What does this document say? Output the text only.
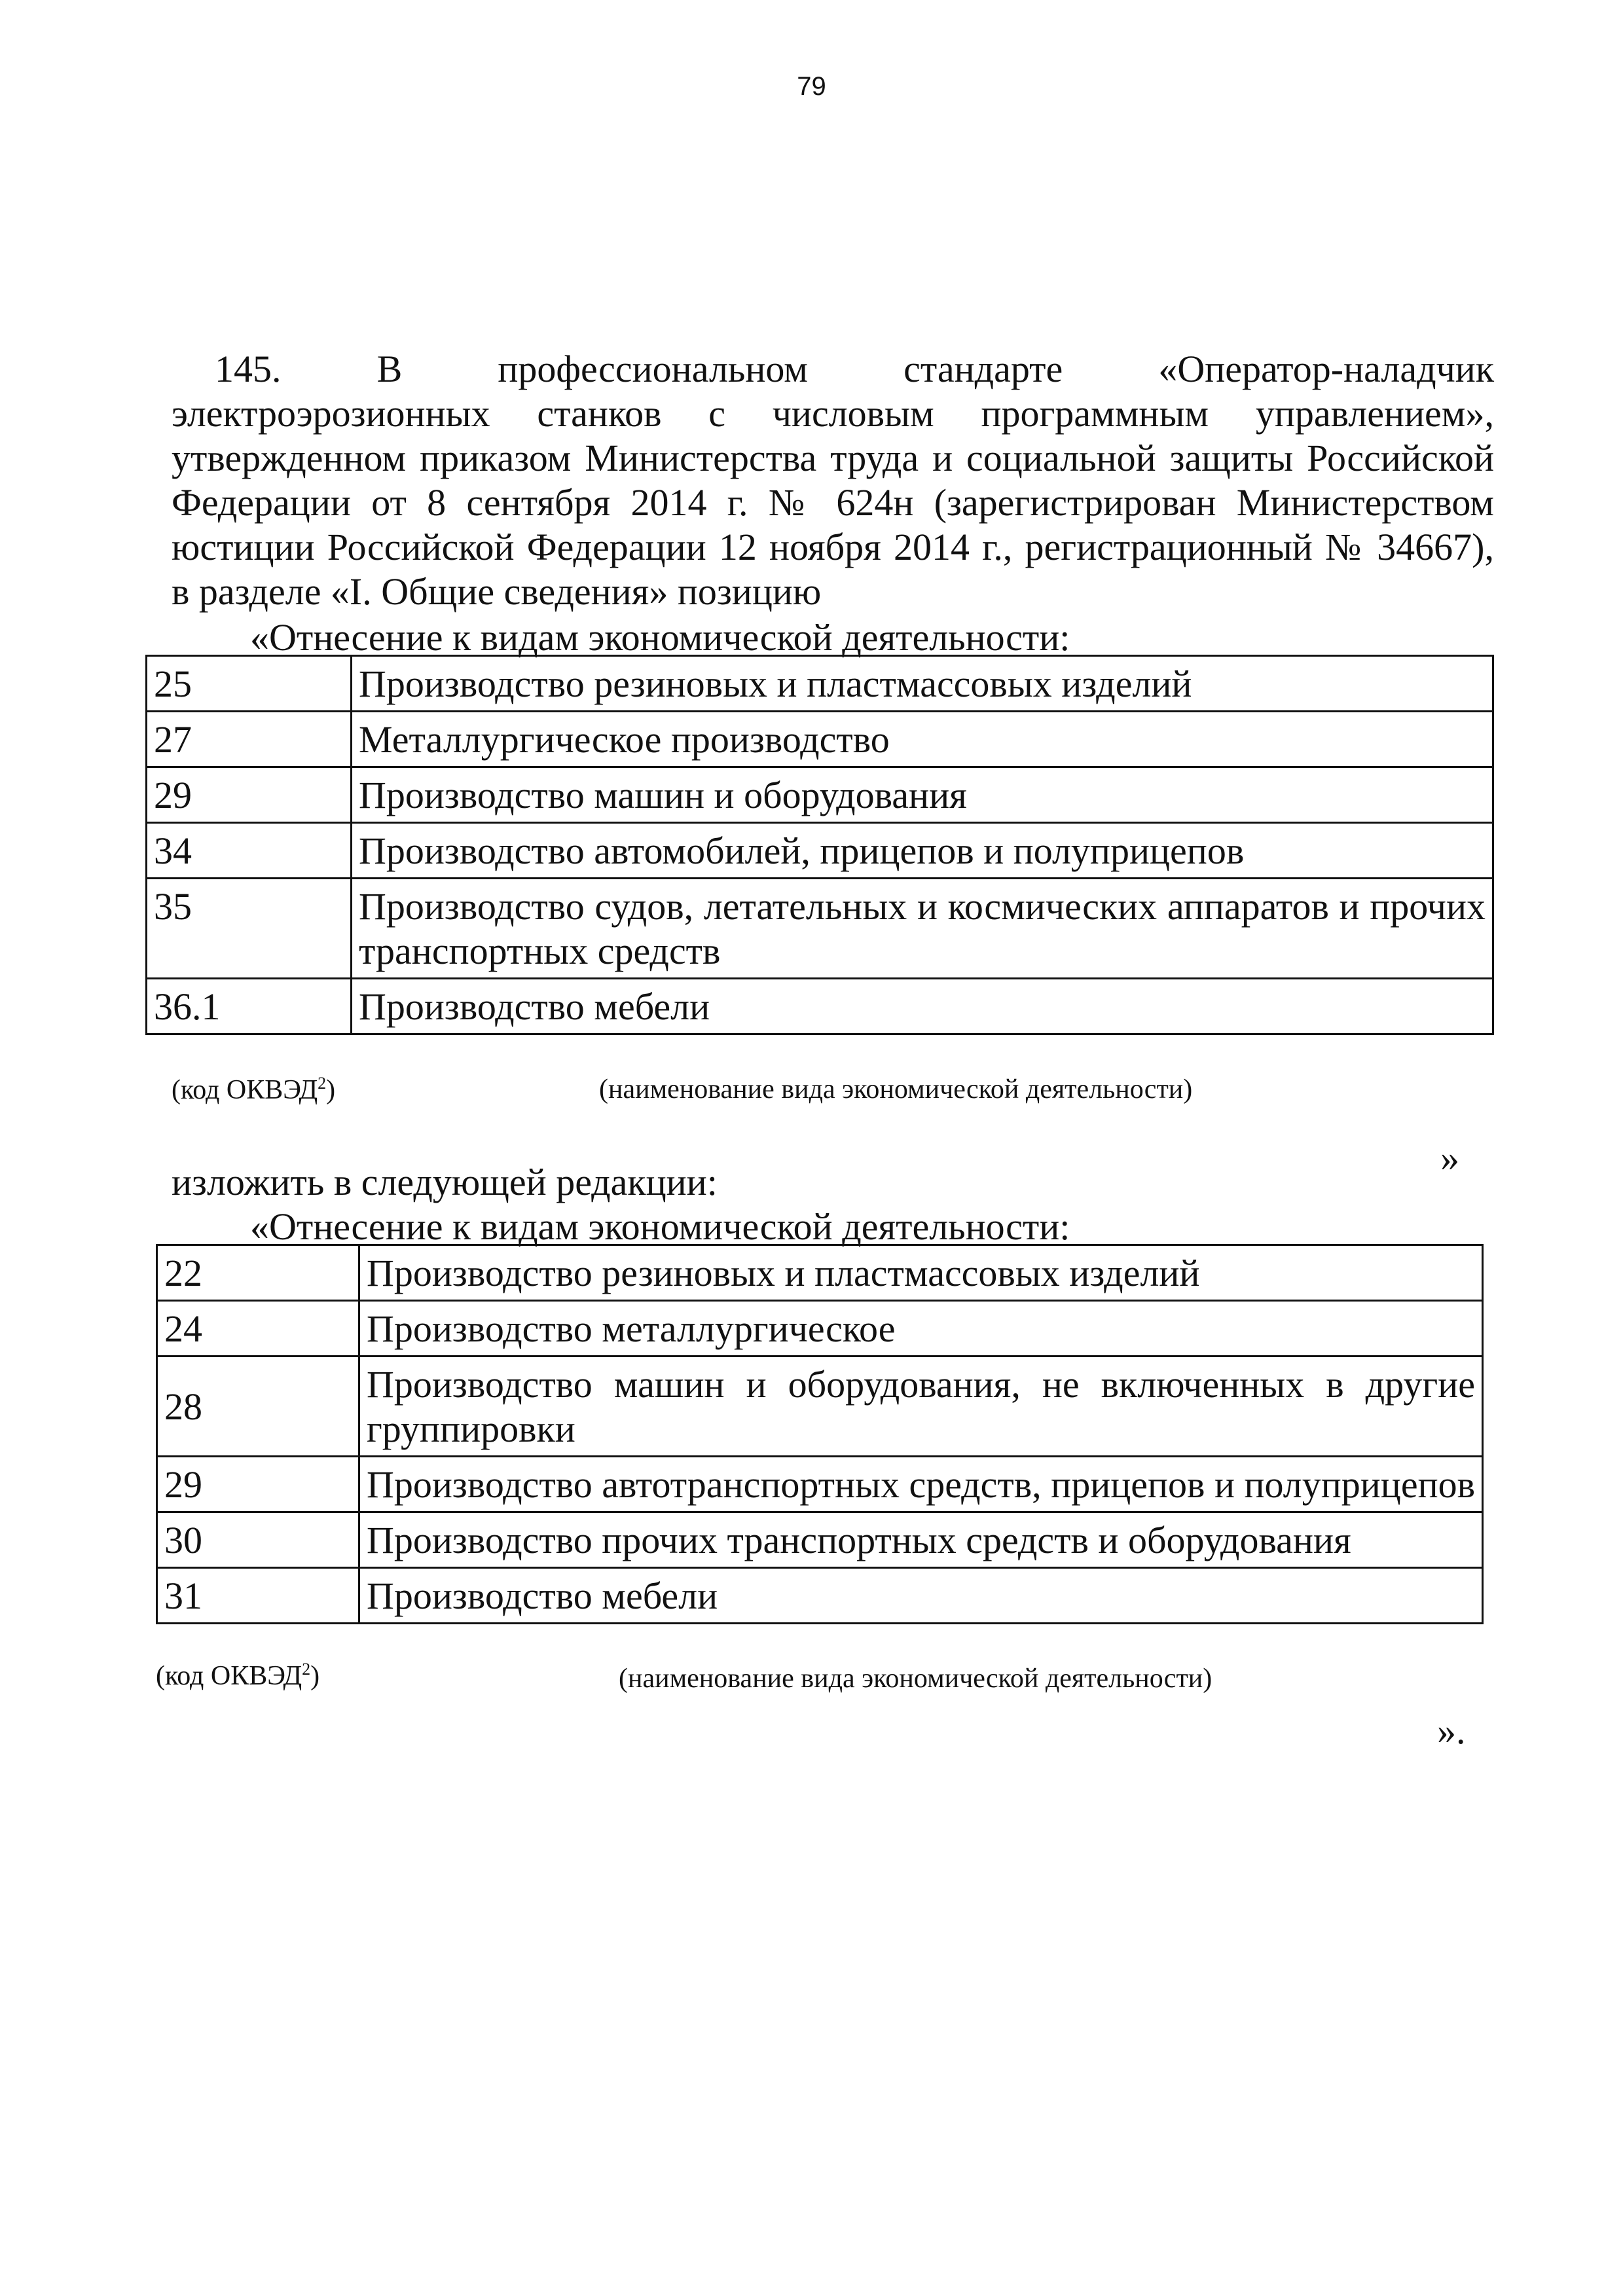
79
145. В профессиональном стандарте «Оператор-наладчик
электроэрозионных станков с числовым программным управлением»,
утвержденном приказом Министерства труда и социальной защиты Российской
Федерации от 8 сентября 2014 г. № 624н (зарегистрирован Министерством
юстиции Российской Федерации 12 ноября 2014 г., регистрационный № 34667),
в разделе «I. Общие сведения» позицию
«Отнесение к видам экономической деятельности:
25	Производство резиновых и пластмассовых изделий
27	Металлургическое производство
29	Производство машин и оборудования
34	Производство автомобилей, прицепов и полуприцепов
35	Производство судов, летательных и космических аппаратов и прочих транспортных средств
36.1	Производство мебели
(код ОКВЭД$^2$)	(наименование вида экономической деятельности)
»
изложить в следующей редакции:
«Отнесение к видам экономической деятельности:
22	Производство резиновых и пластмассовых изделий
24	Производство металлургическое
28	Производство машин и оборудования, не включенных в другие группировки
29	Производство автотранспортных средств, прицепов и полуприцепов
30	Производство прочих транспортных средств и оборудования
31	Производство мебели
(код ОКВЭД$^2$)	(наименование вида экономической деятельности)
».
